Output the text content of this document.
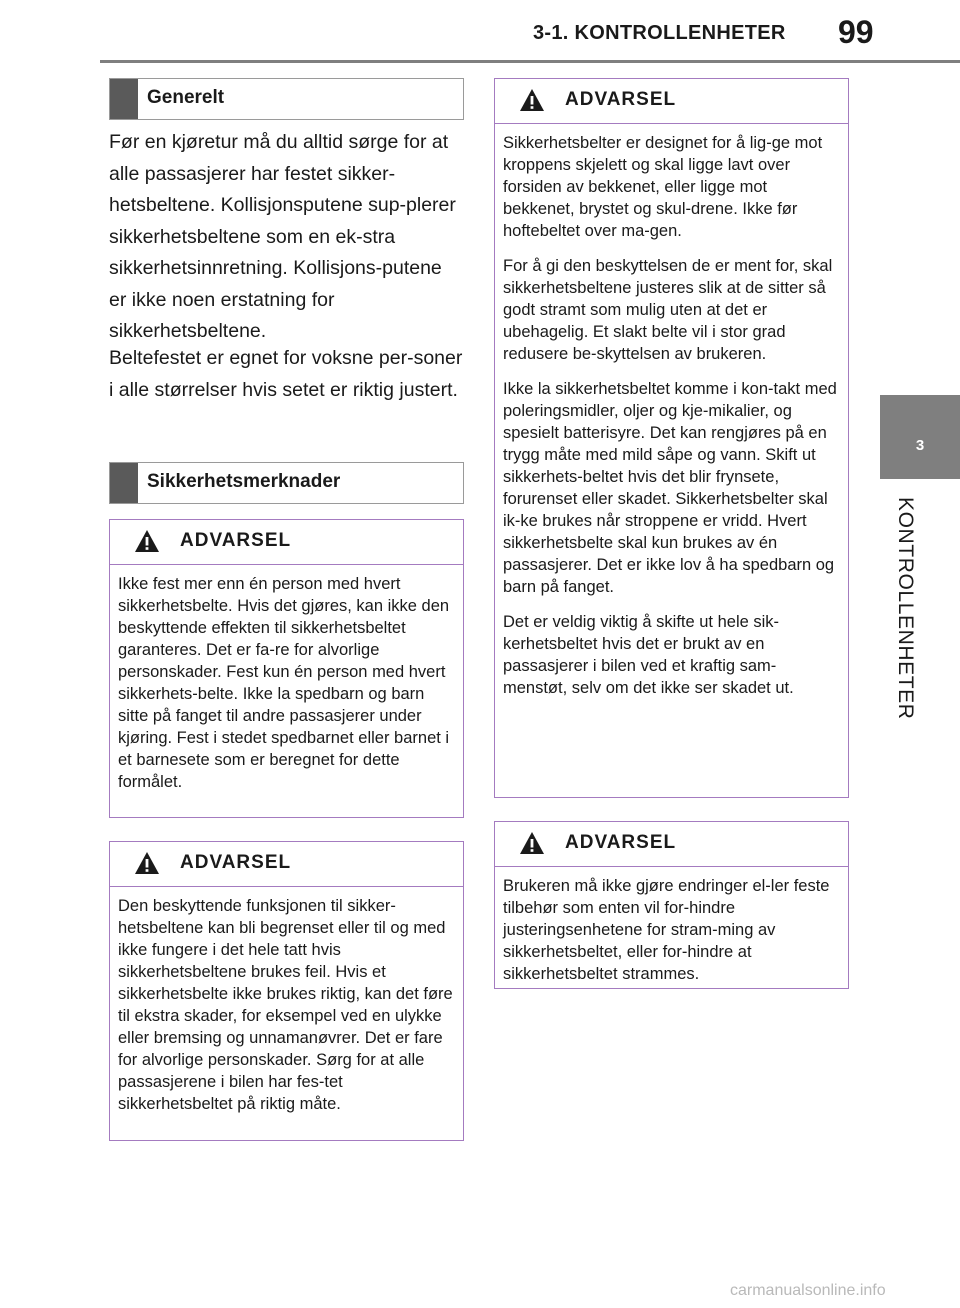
3-1. KONTROLLENHETER 99
3
KONTROLLENHETER
Generelt

Før en kjøretur må du alltid sørge for at alle passasjerer har festet sikker-hetsbeltene. Kollisjonsputene sup-plerer sikkerhetsbeltene som en ek-stra sikkerhetsinnretning. Kollisjons-putene er ikke noen erstatning for sikkerhetsbeltene.

Beltefestet er egnet for voksne per-soner i alle størrelser hvis setet er riktig justert.

Sikkerhetsmerknader
ADVARSEL

Ikke fest mer enn én person med hvert sikkerhetsbelte. Hvis det gjøres, kan ikke den beskyttende effekten til sikkerhetsbeltet garanteres. Det er fa-re for alvorlige personskader. Fest kun én person med hvert sikkerhets-belte. Ikke la spedbarn og barn sitte på fanget til andre passasjerer under kjøring. Fest i stedet spedbarnet eller barnet i et barnesete som er beregnet for dette formålet.

ADVARSEL

Den beskyttende funksjonen til sikker-hetsbeltene kan bli begrenset eller til og med ikke fungere i det hele tatt hvis sikkerhetsbeltene brukes feil. Hvis et sikkerhetsbelte ikke brukes riktig, kan det føre til ekstra skader, for eksempel ved en ulykke eller bremsing og unnamanøvrer. Det er fare for alvorlige personskader. Sørg for at alle passasjerene i bilen har fes-tet sikkerhetsbeltet på riktig måte.

ADVARSEL

Sikkerhetsbelter er designet for å lig-ge mot kroppens skjelett og skal ligge lavt over forsiden av bekkenet, eller ligge mot bekkenet, brystet og skul-drene. Ikke før hoftebeltet over ma-gen.

For å gi den beskyttelsen de er ment for, skal sikkerhetsbeltene justeres slik at de sitter så godt stramt som mulig uten at det er ubehagelig. Et slakt belte vil i stor grad redusere be-skyttelsen av brukeren.

Ikke la sikkerhetsbeltet komme i kon-takt med poleringsmidler, oljer og kje-mikalier, og spesielt batterisyre. Det kan rengjøres på en trygg måte med mild såpe og vann. Skift ut sikkerhets-beltet hvis det blir frynsete, forurenset eller skadet. Sikkerhetsbelter skal ik-ke brukes når stroppene er vridd. Hvert sikkerhetsbelte skal kun brukes av én passasjerer. Det er ikke lov å ha spedbarn og barn på fanget.

Det er veldig viktig å skifte ut hele sik-kerhetsbeltet hvis det er brukt av en passasjerer i bilen ved et kraftig sam-menstøt, selv om det ikke ser skadet ut.

ADVARSEL

Brukeren må ikke gjøre endringer el-ler feste tilbehør som enten vil for-hindre justeringsenhetene for stram-ming av sikkerhetsbeltet, eller for-hindre at sikkerhetsbeltet strammes.

carmanualsonline.info
